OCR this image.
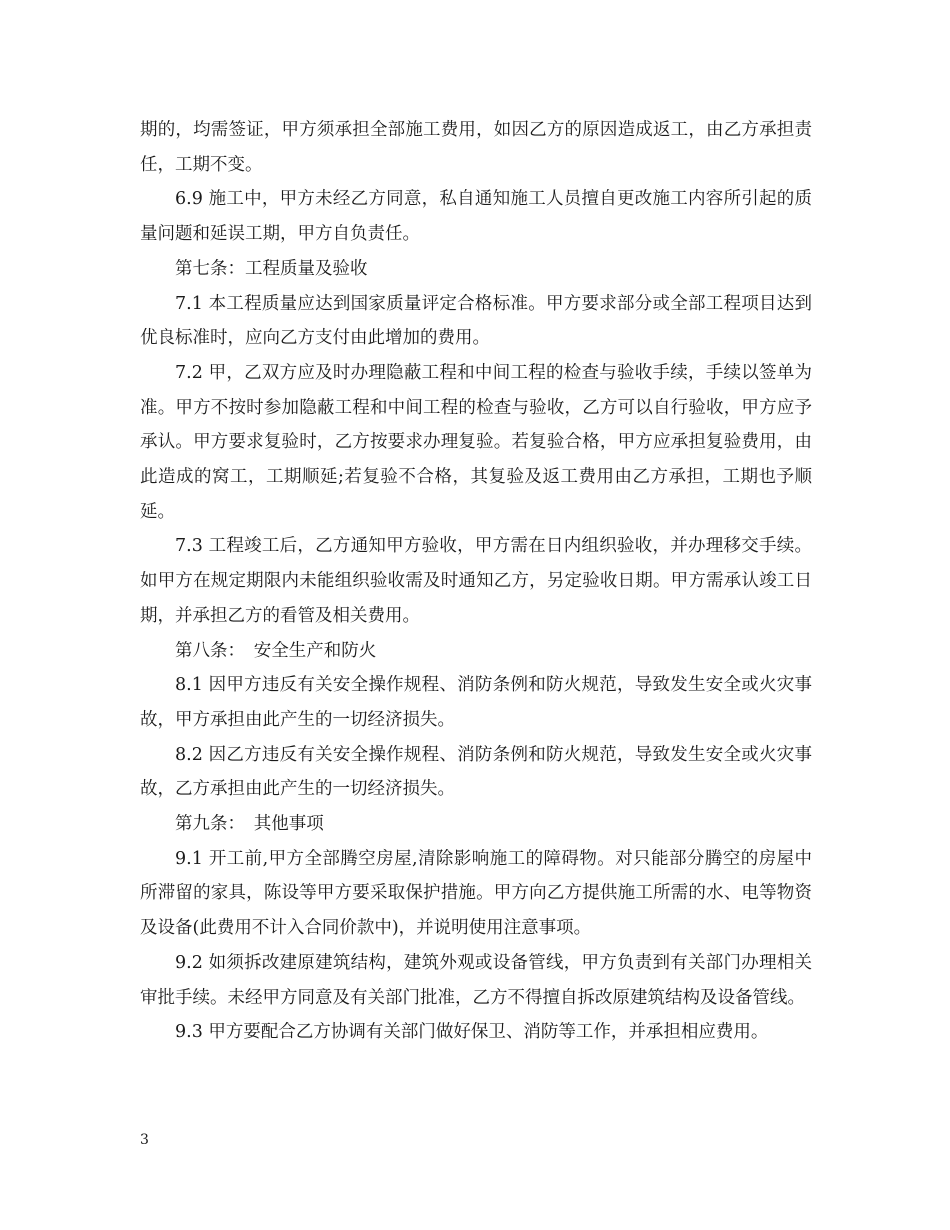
期的，均需签证，甲方须承担全部施工费用，如因乙方的原因造成返工，由乙方承担责任，工期不变。

6.9 施工中，甲方未经乙方同意，私自通知施工人员擅自更改施工内容所引起的质量问题和延误工期，甲方自负责任。

第七条：工程质量及验收

7.1 本工程质量应达到国家质量评定合格标准。甲方要求部分或全部工程项目达到优良标准时，应向乙方支付由此增加的费用。

7.2 甲，乙双方应及时办理隐蔽工程和中间工程的检查与验收手续，手续以签单为准。甲方不按时参加隐蔽工程和中间工程的检查与验收，乙方可以自行验收，甲方应予承认。甲方要求复验时，乙方按要求办理复验。若复验合格，甲方应承担复验费用，由此造成的窝工，工期顺延;若复验不合格，其复验及返工费用由乙方承担，工期也予顺延。

7.3 工程竣工后，乙方通知甲方验收，甲方需在日内组织验收，并办理移交手续。如甲方在规定期限内未能组织验收需及时通知乙方，另定验收日期。甲方需承认竣工日期，并承担乙方的看管及相关费用。

第八条：　安全生产和防火

8.1 因甲方违反有关安全操作规程、消防条例和防火规范，导致发生安全或火灾事故，甲方承担由此产生的一切经济损失。

8.2 因乙方违反有关安全操作规程、消防条例和防火规范，导致发生安全或火灾事故，乙方承担由此产生的一切经济损失。

第九条：　其他事项

9.1 开工前,甲方全部腾空房屋,清除影响施工的障碍物。对只能部分腾空的房屋中所滞留的家具，陈设等甲方要采取保护措施。甲方向乙方提供施工所需的水、电等物资及设备(此费用不计入合同价款中)，并说明使用注意事项。

9.2 如须拆改建原建筑结构，建筑外观或设备管线，甲方负责到有关部门办理相关审批手续。未经甲方同意及有关部门批准，乙方不得擅自拆改原建筑结构及设备管线。

9.3 甲方要配合乙方协调有关部门做好保卫、消防等工作，并承担相应费用。

3
